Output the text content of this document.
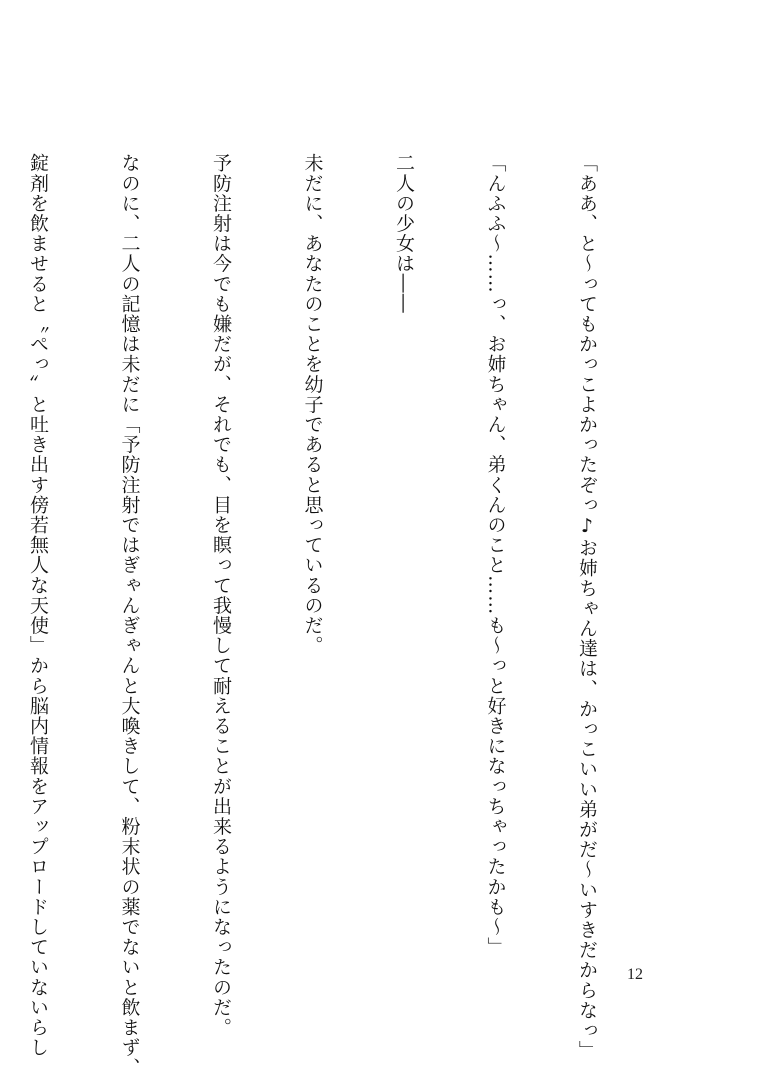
「ああ、と〜ってもかっこよかったぞっ♪お姉ちゃん達は、かっこいい弟がだ〜いすきだからなっ」

「んふふ〜……っ、お姉ちゃん、弟くんのこと……も〜っと好きになっちゃったかも〜」

二人の少女は――

未だに、あなたのことを幼子であると思っているのだ。

予防注射は今でも嫌だが、それでも、目を瞑って我慢して耐えることが出来るようになったのだ。

なのに、二人の記憶は未だに「予防注射ではぎゃんぎゃんと大喚きして、粉末状の薬でないと飲まず、

錠剤を飲ませると〝ぺっ〟と吐き出す傍若無人な天使」から脳内情報をアップロードしていないらし

	12
